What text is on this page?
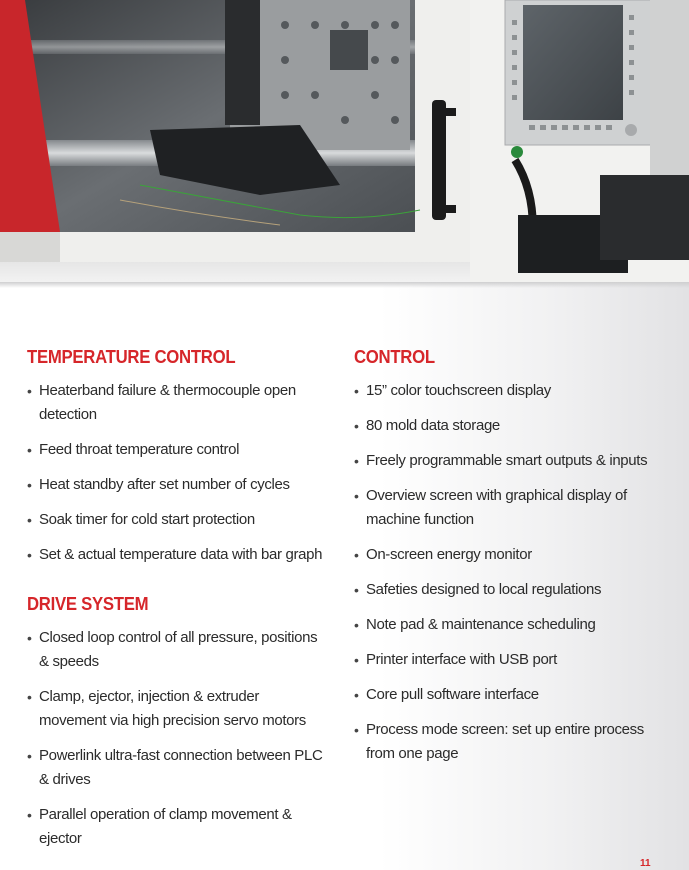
TEMPERATURE CONTROL
• Heaterband failure & thermocouple open detection
• Feed throat temperature control
• Heat standby after set number of cycles
• Soak timer for cold start protection
• Set & actual temperature data with bar graph
DRIVE SYSTEM
• Closed loop control of all pressure, positions & speeds
• Clamp, ejector, injection & extruder movement via high precision servo motors
• Powerlink ultra-fast connection between PLC & drives
• Parallel operation of clamp movement & ejector
CONTROL
• 15” color touchscreen display
• 80 mold data storage
• Freely programmable smart outputs & inputs
• Overview screen with graphical display of machine function
• On-screen energy monitor
• Safeties designed to local regulations
• Note pad & maintenance scheduling
• Printer interface with USB port
• Core pull software interface
• Process mode screen: set up entire process from one page
11
